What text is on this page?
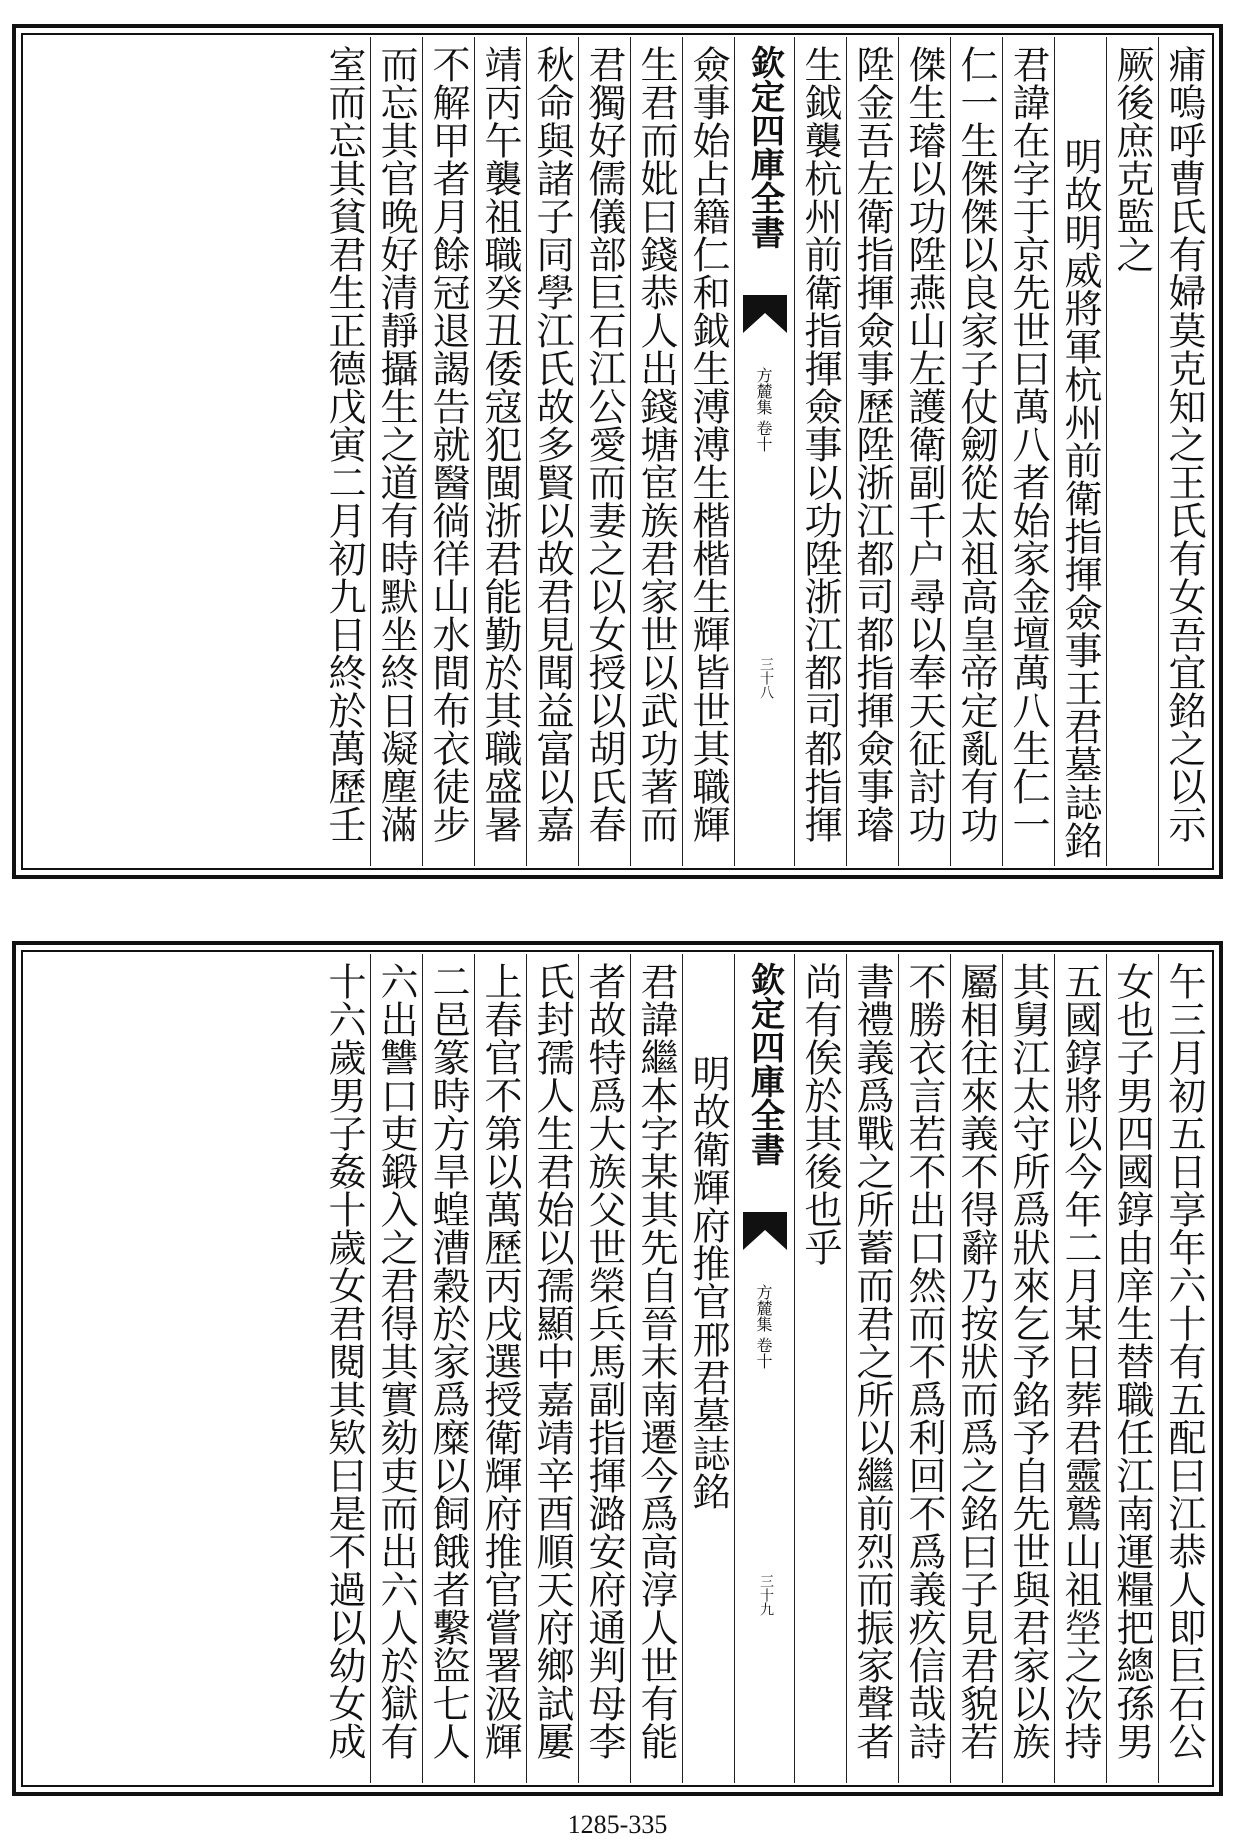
痡嗚呼曹氏有婦莫克知之王氏有女吾宜銘之以示
厥後庶克監之
明故明威將軍杭州前衛指揮僉事王君墓誌銘
君諱在字于京先世曰萬八者始家金壇萬八生仁一
仁一生傑傑以良家子仗劒從太祖高皇帝定亂有功
傑生璿以功陞燕山左護衛副千户尋以奉天征討功
陞金吾左衛指揮僉事歷陞浙江都司都指揮僉事璿
生鉞襲杭州前衛指揮僉事以功陞浙江都司都指揮
欽定四庫全書
方麓集 卷十
三十八
僉事始占籍仁和鉞生溥溥生楷楷生輝皆世其職輝
生君而妣曰錢恭人出錢塘宦族君家世以武功著而
君獨好儒儀部巨石江公愛而妻之以女授以胡氏春
秋命與諸子同學江氏故多賢以故君見聞益富以嘉
靖丙午襲祖職癸丑倭寇犯閩浙君能勤於其職盛暑
不解甲者月餘冠退謁告就醫徜徉山水間布衣徒步
而忘其官晚好清靜攝生之道有時默坐終日凝塵滿
室而忘其貧君生正德戊寅二月初九日終於萬歷壬
午三月初五日享年六十有五配曰江恭人即巨石公
女也子男四國錞由庠生替職任江南運糧把總孫男
五國錞將以今年二月某日葬君靈鷲山祖塋之次持
其舅江太守所爲狀來乞予銘予自先世與君家以族
屬相往來義不得辭乃按狀而爲之銘曰子見君貌若
不勝衣言若不出口然而不爲利回不爲義疚信哉詩
書禮義爲戰之所蓄而君之所以繼前烈而振家聲者
尚有俟於其後也乎
欽定四庫全書
方麓集 卷十
三十九
明故衛輝府推官邢君墓誌銘
君諱繼本字某其先自晉末南遷今爲高淳人世有能
者故特爲大族父世榮兵馬副指揮潞安府通判母李
氏封孺人生君始以孺顯中嘉靖辛酉順天府鄉試屢
上春官不第以萬歷丙戌選授衛輝府推官嘗署汲輝
二邑篆時方旱蝗漕穀於家爲糜以飼餓者繫盜七人
六出讐口吏鍛入之君得其實劾吏而出六人於獄有
十六歲男子姦十歲女君閱其欵曰是不過以幼女成
1285-335
